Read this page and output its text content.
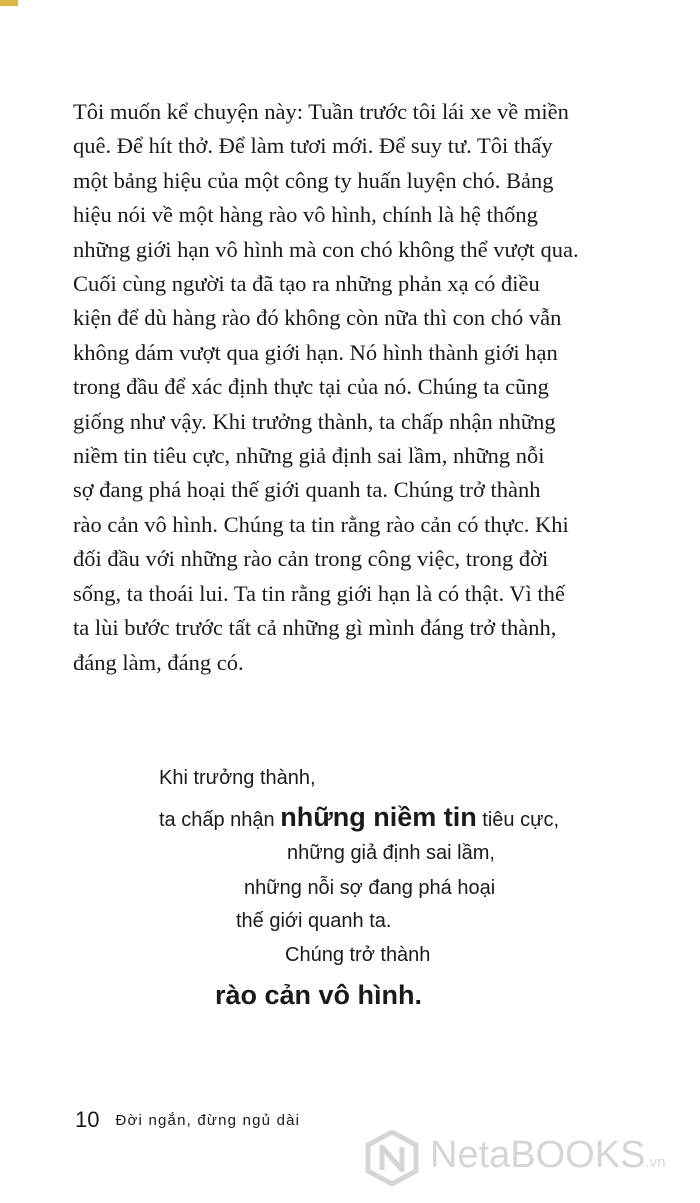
Tôi muốn kể chuyện này: Tuần trước tôi lái xe về miền
quê. Để hít thở. Để làm tươi mới. Để suy tư. Tôi thấy
một bảng hiệu của một công ty huấn luyện chó. Bảng
hiệu nói về một hàng rào vô hình, chính là hệ thống
những giới hạn vô hình mà con chó không thể vượt qua.
Cuối cùng người ta đã tạo ra những phản xạ có điều
kiện để dù hàng rào đó không còn nữa thì con chó vẫn
không dám vượt qua giới hạn. Nó hình thành giới hạn
trong đầu để xác định thực tại của nó. Chúng ta cũng
giống như vậy. Khi trưởng thành, ta chấp nhận những
niềm tin tiêu cực, những giả định sai lầm, những nỗi
sợ đang phá hoại thế giới quanh ta. Chúng trở thành
rào cản vô hình. Chúng ta tin rằng rào cản có thực. Khi
đối đầu với những rào cản trong công việc, trong đời
sống, ta thoái lui. Ta tin rằng giới hạn là có thật. Vì thế
ta lùi bước trước tất cả những gì mình đáng trở thành,
đáng làm, đáng có.

Khi trưởng thành,
ta chấp nhận những niềm tin tiêu cực,
những giả định sai lầm,
những nỗi sợ đang phá hoại
thế giới quanh ta.
Chúng trở thành
rào cản vô hình.
10 Đời ngắn, đừng ngủ dài
NetaBOOKS.vn
